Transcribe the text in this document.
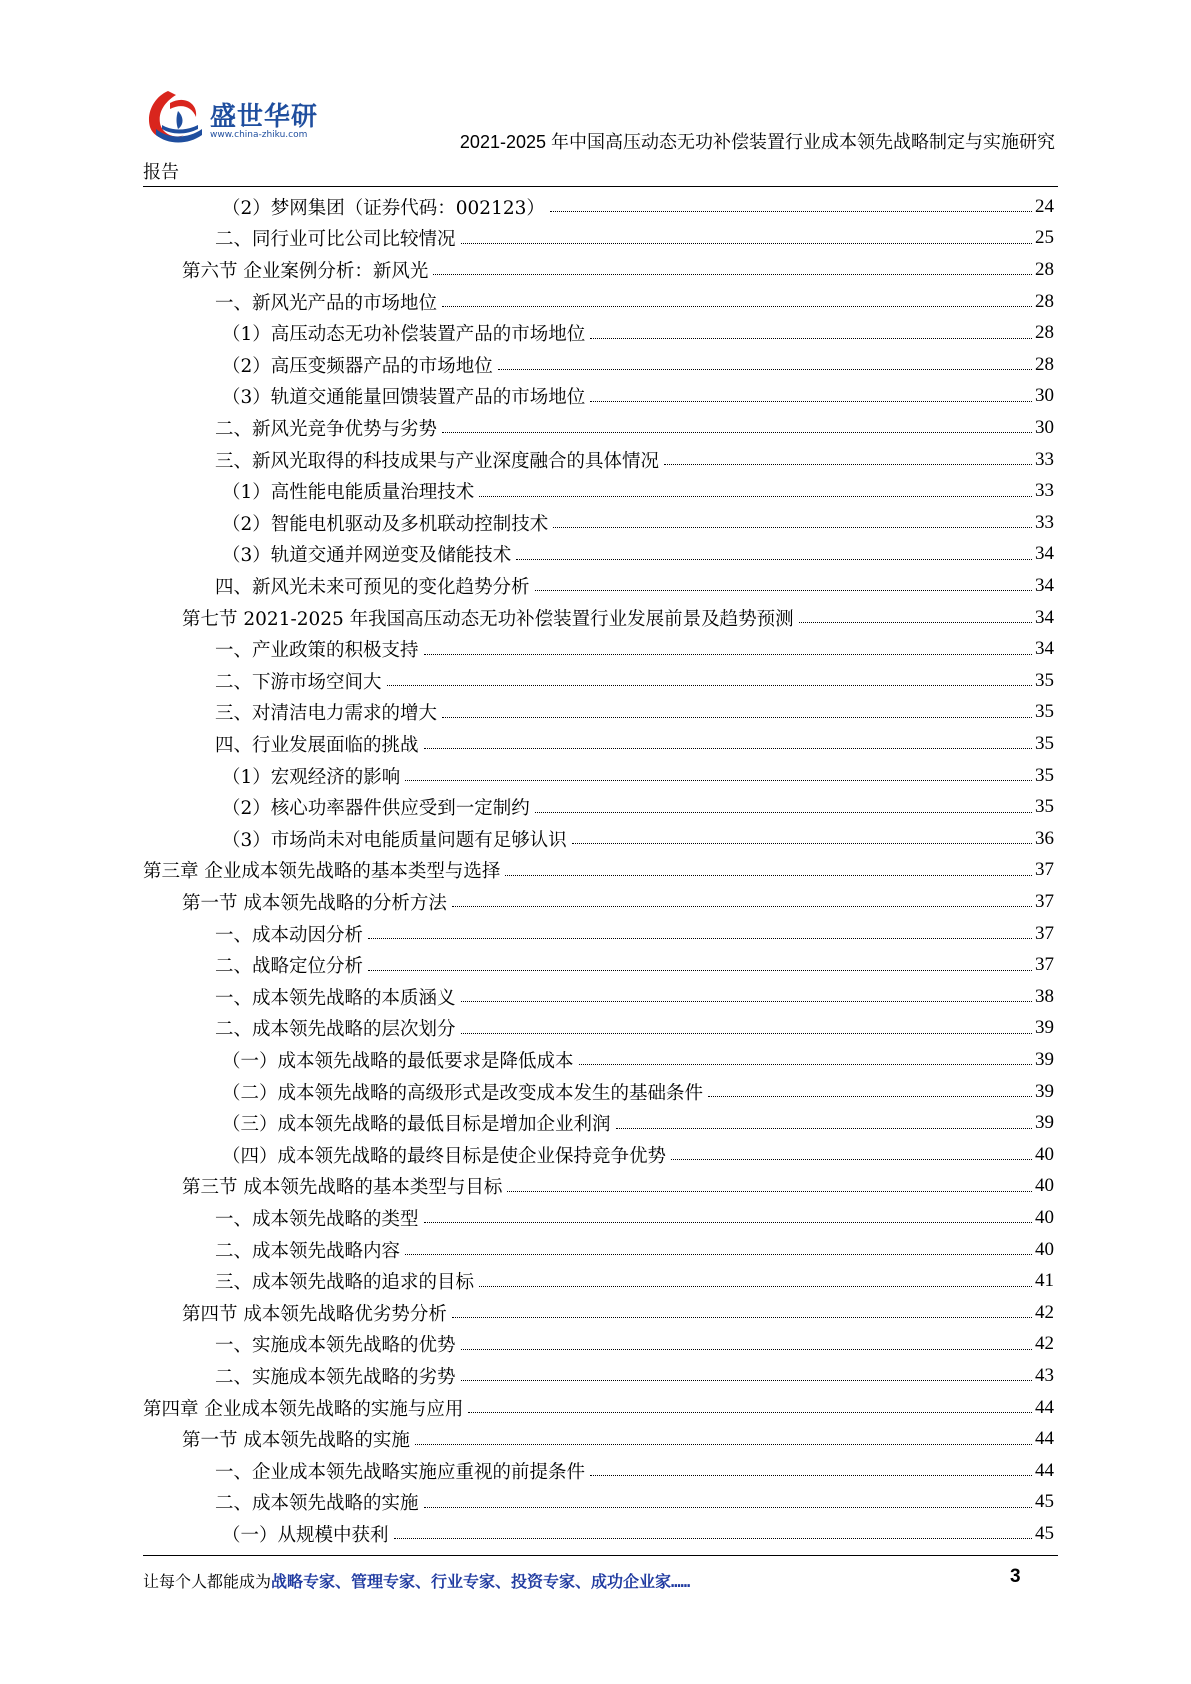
盛世华研
www.china-zhiku.com	2021-2025 年中国高压动态无功补偿装置行业成本领先战略制定与实施研究
报告
（2）梦网集团（证券代码：002123）	24
二、同行业可比公司比较情况	25
第六节 企业案例分析：新风光	28
一、新风光产品的市场地位	28
（1）高压动态无功补偿装置产品的市场地位	28
（2）高压变频器产品的市场地位	28
（3）轨道交通能量回馈装置产品的市场地位	30
二、新风光竞争优势与劣势	30
三、新风光取得的科技成果与产业深度融合的具体情况	33
（1）高性能电能质量治理技术	33
（2）智能电机驱动及多机联动控制技术	33
（3）轨道交通并网逆变及储能技术	34
四、新风光未来可预见的变化趋势分析	34
第七节 2021-2025 年我国高压动态无功补偿装置行业发展前景及趋势预测	34
一、产业政策的积极支持	34
二、下游市场空间大	35
三、对清洁电力需求的增大	35
四、行业发展面临的挑战	35
（1）宏观经济的影响	35
（2）核心功率器件供应受到一定制约	35
（3）市场尚未对电能质量问题有足够认识	36
第三章 企业成本领先战略的基本类型与选择	37
第一节 成本领先战略的分析方法	37
一、成本动因分析	37
二、战略定位分析	37
一、成本领先战略的本质涵义	38
二、成本领先战略的层次划分	39
（一）成本领先战略的最低要求是降低成本	39
（二）成本领先战略的高级形式是改变成本发生的基础条件	39
（三）成本领先战略的最低目标是增加企业利润	39
（四）成本领先战略的最终目标是使企业保持竞争优势	40
第三节 成本领先战略的基本类型与目标	40
一、成本领先战略的类型	40
二、成本领先战略内容	40
三、成本领先战略的追求的目标	41
第四节 成本领先战略优劣势分析	42
一、实施成本领先战略的优势	42
二、实施成本领先战略的劣势	43
第四章 企业成本领先战略的实施与应用	44
第一节 成本领先战略的实施	44
一、企业成本领先战略实施应重视的前提条件	44
二、成本领先战略的实施	45
（一）从规模中获利	45
让每个人都能成为战略专家、管理专家、行业专家、投资专家、成功企业家……	3
